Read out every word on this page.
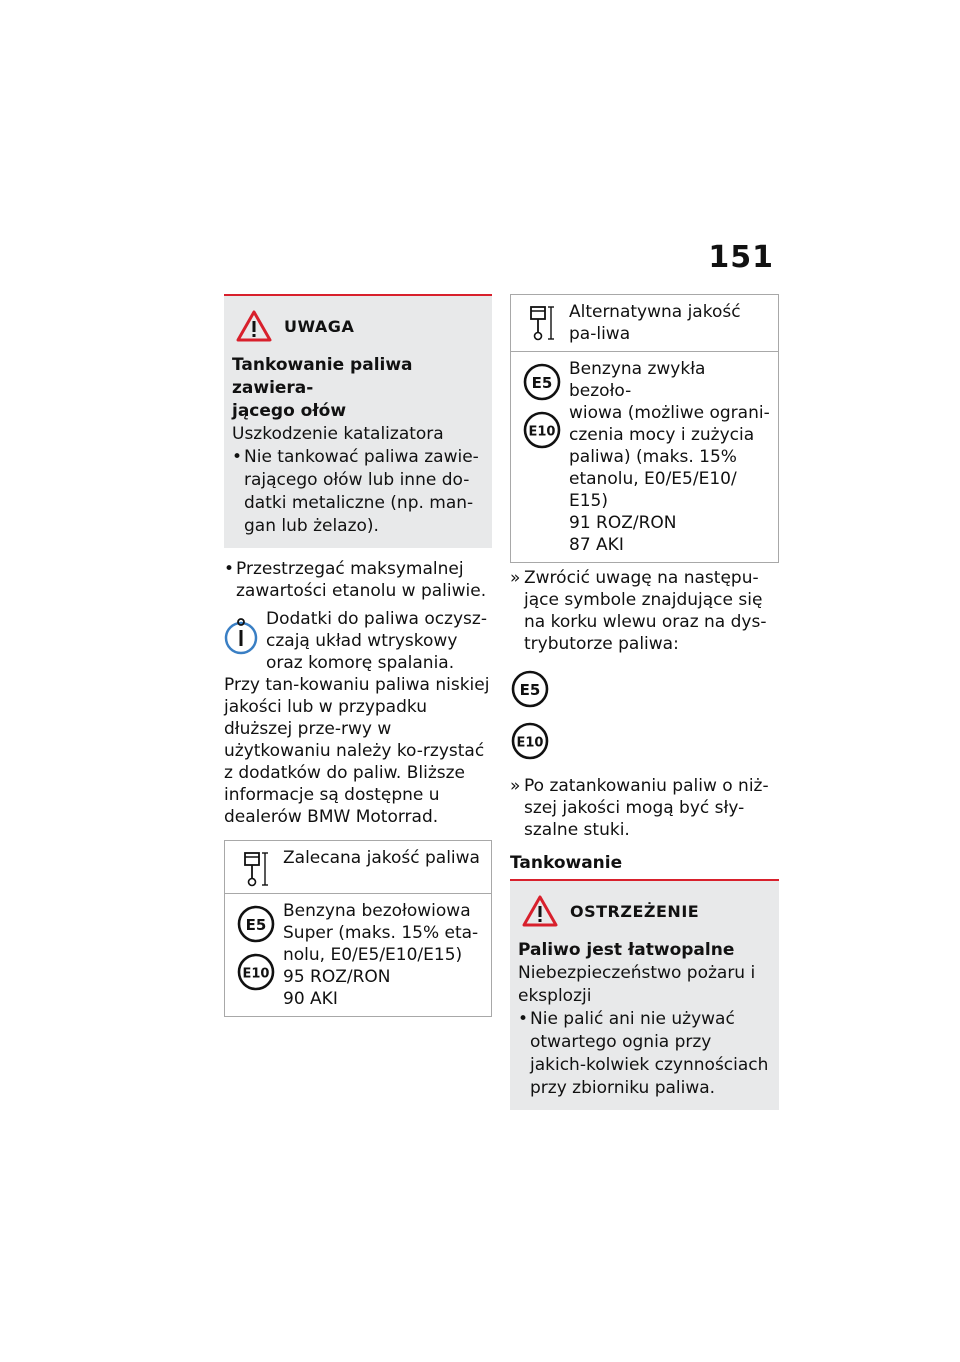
151
UWAGA
Tankowanie paliwa zawiera-
jącego ołów
Uszkodzenie katalizatora
• Nie tankować paliwa zawie-rającego ołów lub inne do-datki metaliczne (np. man-gan lub żelazo).
• Przestrzegać maksymalnej zawartości etanolu w paliwie.
Dodatki do paliwa oczysz-czają układ wtryskowy oraz komorę spalania. Przy tan-kowaniu paliwa niskiej jakości lub w przypadku dłuższej prze-rwy w użytkowaniu należy ko-rzystać z dodatków do paliw. Bliższe informacje są dostępne u dealerów BMW Motorrad.
Zalecana jakość paliwa
E5
E10
Benzyna bezołowiowa
Super (maks. 15% eta-
nolu, E0/E5/E10/E15)
95 ROZ/RON
90 AKI
Alternatywna jakość pa-liwa
E5
E10
Benzyna zwykła bezoło-
wiowa (możliwe ograni-
czenia mocy i zużycia
paliwa) (maks. 15%
etanolu, E0/E5/E10/
E15)
91 ROZ/RON
87 AKI
» Zwrócić uwagę na następu-jące symbole znajdujące się na korku wlewu oraz na dys-trybutorze paliwa:
E5
E10
» Po zatankowaniu paliw o niż-szej jakości mogą być sły-szalne stuki.
Tankowanie
OSTRZEŻENIE
Paliwo jest łatwopalne
Niebezpieczeństwo pożaru i eksplozji
• Nie palić ani nie używać otwartego ognia przy jakich-kolwiek czynnościach przy zbiorniku paliwa.
